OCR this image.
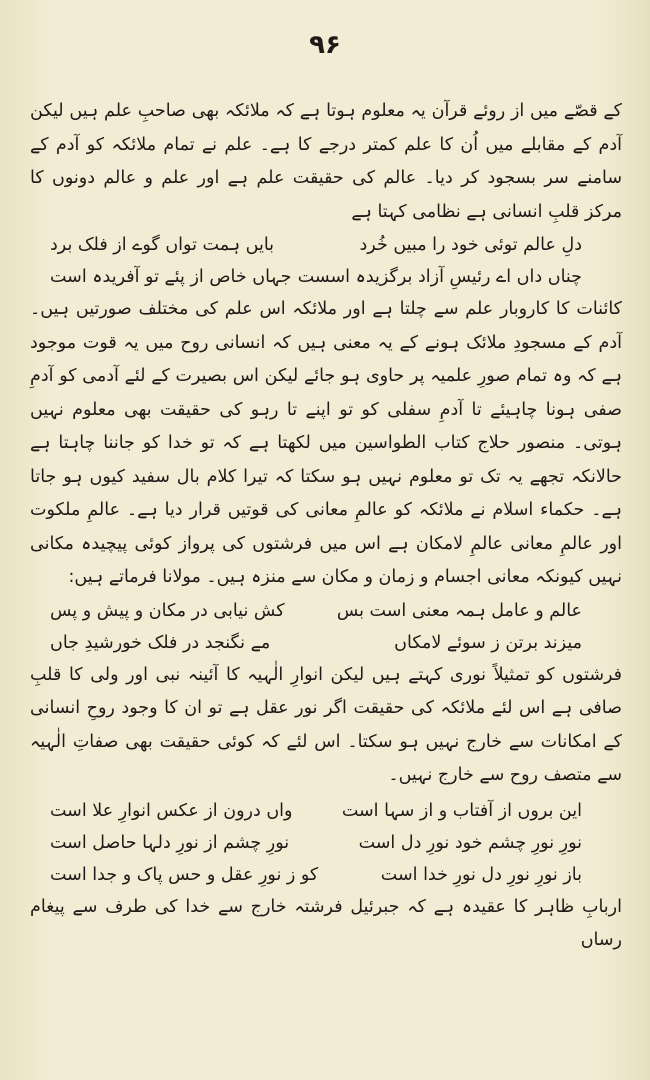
۹۶

کے قصّے میں از روئے قرآن یہ معلوم ہوتا ہے کہ ملائکہ بھی صاحبِ علم ہیں لیکن آدم کے مقابلے میں اُن کا علم کمتر درجے کا ہے۔ علم نے تمام ملائکہ کو آدم کے سامنے سر بسجود کر دیا۔ عالم کی حقیقت علم ہے اور علم و عالم دونوں کا مرکز قلبِ انسانی ہے نظامی کہتا ہے

دلِ عالم توئی خود را مبیں خُرد
بایں ہمت تواں گوے از فلک برد
چناں داں اے رئیسِ آزاد برگزیدہ اسست
جہاں خاص از پئے تو آفریدہ است

کائنات کا کاروبار علم سے چلتا ہے اور ملائکہ اس علم کی مختلف صورتیں ہیں۔ آدم کے مسجودِ ملائک ہونے کے یہ معنی ہیں کہ انسانی روح میں یہ قوت موجود ہے کہ وہ تمام صورِ علمیہ پر حاوی ہو جائے لیکن اس بصیرت کے لئے آدمی کو آدمِ صفی ہونا چاہیئے تا آدمِ سفلی کو تو اپنے تا رہو کی حقیقت بھی معلوم نہیں ہوتی۔ منصور حلاج کتاب الطواسین میں لکھتا ہے کہ تو خدا کو جاننا چاہتا ہے حالانکہ تجھے یہ تک تو معلوم نہیں ہو سکتا کہ تیرا کلام بال سفید کیوں ہو جاتا ہے۔ حکماء اسلام نے ملائکہ کو عالمِ معانی کی قوتیں قرار دیا ہے۔ عالمِ ملکوت اور عالمِ معانی عالمِ لامکان ہے اس میں فرشتوں کی پرواز کوئی پیچیدہ مکانی نہیں کیونکہ معانی اجسام و زمان و مکان سے منزہ ہیں۔ مولانا فرماتے ہیں:

عالم و عامل ہمہ معنی است بس
کش نیابی در مکان و پیش و پس
میزند برتن ز سوئے لامکاں
مے نگنجد در فلک خورشیدِ جاں

فرشتوں کو تمثیلاً نوری کہتے ہیں لیکن انوارِ الٰہیہ کا آئینہ نبی اور ولی کا قلبِ صافی ہے اس لئے ملائکہ کی حقیقت اگر نور عقل ہے تو ان کا وجود روحِ انسانی کے امکانات سے خارج نہیں ہو سکتا۔ اس لئے کہ کوئی حقیقت بھی صفاتِ الٰہیہ سے متصف روح سے خارج نہیں۔

این بروں از آفتاب و از سہا است
واں درون از عکس انوارِ علا است
نورِ نورِ چشم خود نورِ دل است
نورِ چشم از نورِ دلہا حاصل است
باز نورِ نورِ دل نورِ خدا است
کو ز نورِ عقل و حس پاک و جدا است

اربابِ ظاہر کا عقیدہ ہے کہ جبرئیل فرشتہ خارج سے خدا کی طرف سے پیغام رساں
